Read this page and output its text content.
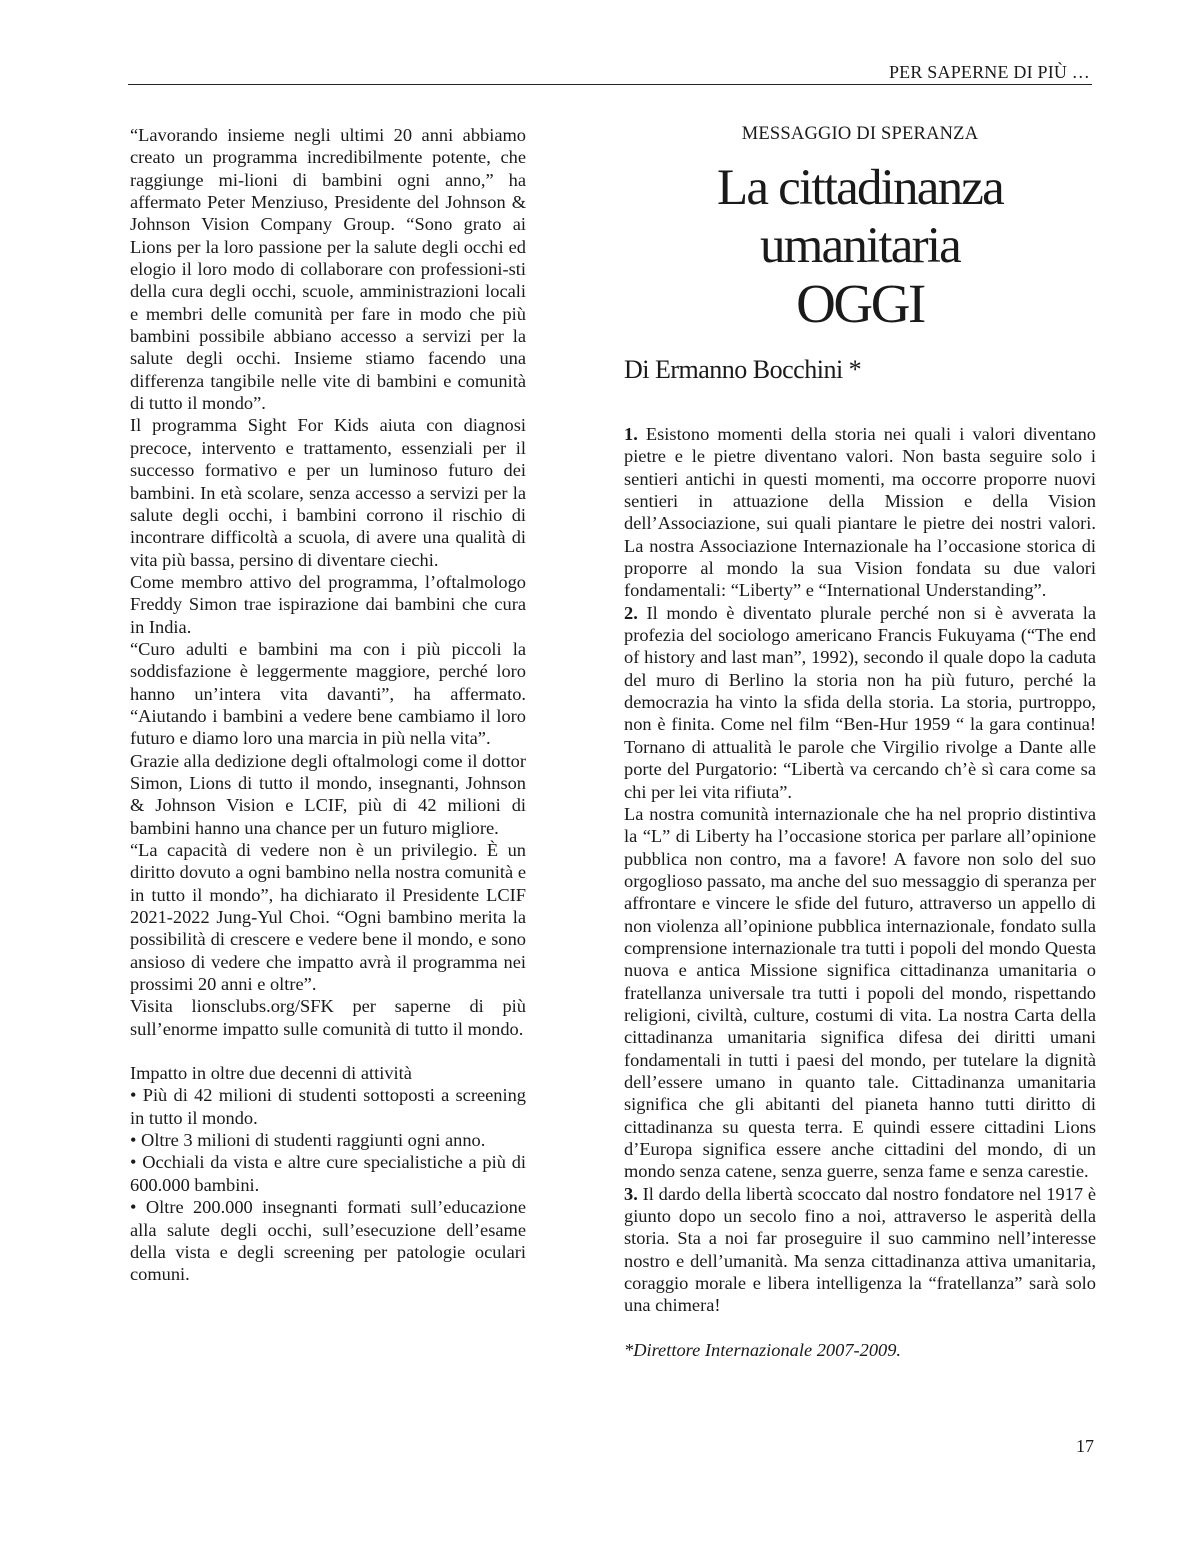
PER SAPERNE DI PIÙ …

“Lavorando insieme negli ultimi 20 anni abbiamo creato un programma incredibilmente potente, che raggiunge mi-lioni di bambini ogni anno,” ha affermato Peter Menziuso, Presidente del Johnson & Johnson Vision Company Group. “Sono grato ai Lions per la loro passione per la salute degli occhi ed elogio il loro modo di collaborare con professioni-sti della cura degli occhi, scuole, amministrazioni locali e membri delle comunità per fare in modo che più bambini possibile abbiano accesso a servizi per la salute degli occhi. Insieme stiamo facendo una differenza tangibile nelle vite di bambini e comunità di tutto il mondo”.

Il programma Sight For Kids aiuta con diagnosi precoce, intervento e trattamento, essenziali per il successo formativo e per un luminoso futuro dei bambini. In età scolare, senza accesso a servizi per la salute degli occhi, i bambini corrono il rischio di incontrare difficoltà a scuola, di avere una qualità di vita più bassa, persino di diventare ciechi.

Come membro attivo del programma, l’oftalmologo Freddy Simon trae ispirazione dai bambini che cura in India.

“Curo adulti e bambini ma con i più piccoli la soddisfazione è leggermente maggiore, perché loro hanno un’intera vita davanti”, ha affermato. “Aiutando i bambini a vedere bene cambiamo il loro futuro e diamo loro una marcia in più nella vita”.

Grazie alla dedizione degli oftalmologi come il dottor Simon, Lions di tutto il mondo, insegnanti, Johnson & Johnson Vision e LCIF, più di 42 milioni di bambini hanno una chance per un futuro migliore.

“La capacità di vedere non è un privilegio. È un diritto dovuto a ogni bambino nella nostra comunità e in tutto il mondo”, ha dichiarato il Presidente LCIF 2021-2022 Jung-Yul Choi. “Ogni bambino merita la possibilità di crescere e vedere bene il mondo, e sono ansioso di vedere che impatto avrà il programma nei prossimi 20 anni e oltre”.

Visita lionsclubs.org/SFK per saperne di più sull’enorme impatto sulle comunità di tutto il mondo.

Impatto in oltre due decenni di attività

• Più di 42 milioni di studenti sottoposti a screening in tutto il mondo.

• Oltre 3 milioni di studenti raggiunti ogni anno.

• Occhiali da vista e altre cure specialistiche a più di 600.000 bambini.

• Oltre 200.000 insegnanti formati sull’educazione alla salute degli occhi, sull’esecuzione dell’esame della vista e degli screening per patologie oculari comuni.

MESSAGGIO DI SPERANZA

La cittadinanza umanitaria
OGGI

Di Ermanno Bocchini *

1. Esistono momenti della storia nei quali i valori diventano pietre e le pietre diventano valori. Non basta seguire solo i sentieri antichi in questi momenti, ma occorre proporre nuovi sentieri in attuazione della Mission e della Vision dell’Associazione, sui quali piantare le pietre dei nostri valori. La nostra Associazione Internazionale ha l’occasione storica di proporre al mondo la sua Vision fondata su due valori fondamentali: “Liberty” e “International Understanding”.

2. Il mondo è diventato plurale perché non si è avverata la profezia del sociologo americano Francis Fukuyama (“The end of history and last man”, 1992), secondo il quale dopo la caduta del muro di Berlino la storia non ha più futuro, perché la democrazia ha vinto la sfida della storia. La storia, purtroppo, non è finita. Come nel film “Ben-Hur 1959 “ la gara continua! Tornano di attualità le parole che Virgilio rivolge a Dante alle porte del Purgatorio: “Libertà va cercando ch’è sì cara come sa chi per lei vita rifiuta”.

La nostra comunità internazionale che ha nel proprio distintiva la “L” di Liberty ha l’occasione storica per parlare all’opinione pubblica non contro, ma a favore! A favore non solo del suo orgoglioso passato, ma anche del suo messaggio di speranza per affrontare e vincere le sfide del futuro, attraverso un appello di non violenza all’opinione pubblica internazionale, fondato sulla comprensione internazionale tra tutti i popoli del mondo Questa nuova e antica Missione significa cittadinanza umanitaria o fratellanza universale tra tutti i popoli del mondo, rispettando religioni, civiltà, culture, costumi di vita. La nostra Carta della cittadinanza umanitaria significa difesa dei diritti umani fondamentali in tutti i paesi del mondo, per tutelare la dignità dell’essere umano in quanto tale. Cittadinanza umanitaria significa che gli abitanti del pianeta hanno tutti diritto di cittadinanza su questa terra. E quindi essere cittadini Lions d’Europa significa essere anche cittadini del mondo, di un mondo senza catene, senza guerre, senza fame e senza carestie.

3. Il dardo della libertà scoccato dal nostro fondatore nel 1917 è giunto dopo un secolo fino a noi, attraverso le asperità della storia. Sta a noi far proseguire il suo cammino nell’interesse nostro e dell’umanità. Ma senza cittadinanza attiva umanitaria, coraggio morale e libera intelligenza la “fratellanza” sarà solo una chimera!

*Direttore Internazionale 2007-2009.

17
